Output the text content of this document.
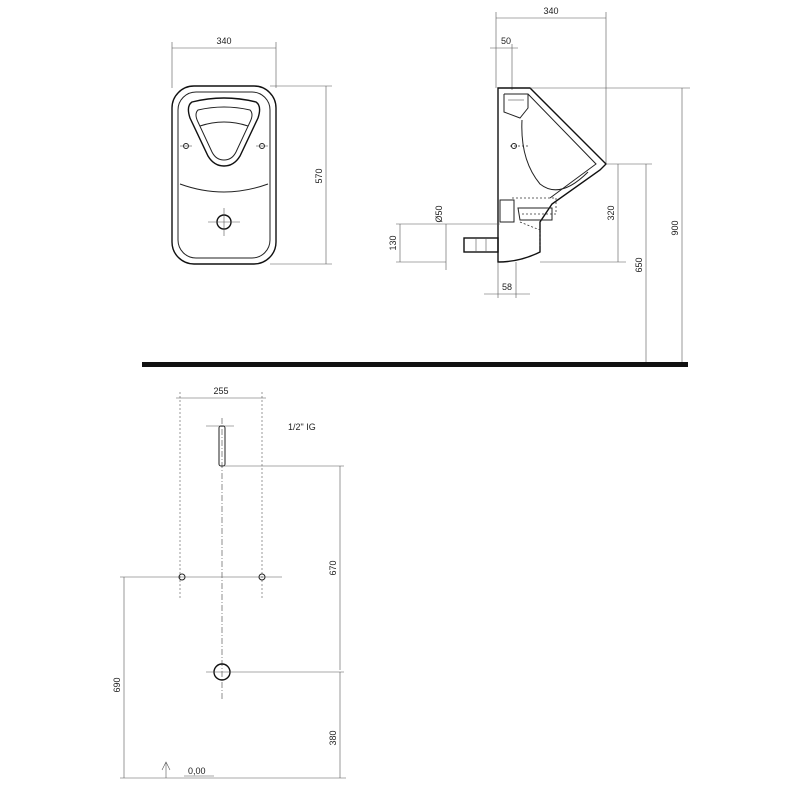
340
570
340
50
Ø50
130
58
320
650
900
255
1/2" IG
670
690
380
0,00
